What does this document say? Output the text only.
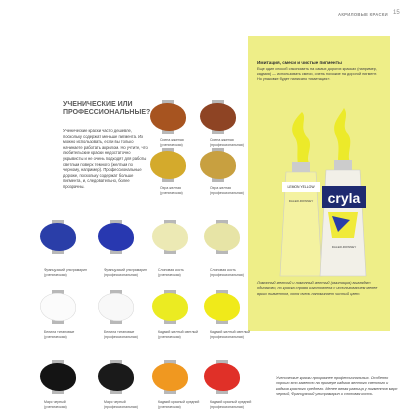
АКРИЛОВЫЕ КРАСКИ 15
Имитация, смеси и чистые пигменты
Еще один способ сэкономить на самых дорогих красках (например, кадмия) — использовать смеси, очень похожие на дорогой пигмент. Но упаковке будет написано «имитация».
LEMON YELLOW
DALER-ROWNEY cryla
DALER-ROWNEY
Лимонный желтый и лимонный желтый (имитация) выглядят одинаково, но краска справа изготовлена с использованием менее ярких пигментов, хотя очень напоминает чистый цвет.
УЧЕНИЧЕСКИЕ ИЛИ ПРОФЕССИОНАЛЬНЫЕ?
Ученические краски часто дешевле, поскольку содержат меньше пигмента. Их можно использовать, если вы только начинаете работать акрилом. Но учтите, что любительские краски недостаточно укрывисты и не очень подходят для работы светлым поверх темного (желтым по черному, например). Профессиональные дороже, поскольку содержат больше пигмента, и, следовательно, более прозрачны.
Сиена жженая (ученическая)
Сиена жженая (профессиональная)
Охра желтая (ученическая)
Охра желтая (профессиональная)
Французский ультрамарин (ученическая)
Французский ультрамарин (профессиональная)
Слоновая кость (ученическая)
Слоновая кость (профессиональная)
Белила титановые (ученическая)
Белила титановые (профессиональная)
Кадмий желтый светлый (ученическая)
Кадмий желтый светлый (профессиональная)
Марс черный (ученическая)
Марс черный (профессиональная)
Кадмий красный средний (ученическая)
Кадмий красный средний (профессиональная)
Ученические краски прозрачнее профессиональных. Особенно хорошо это заметно на примере кадмия желтого светлого и кадмия красного среднего. Менее явная разница у пигментов марс черный, Французский ультрамарин и слоновая кость.
